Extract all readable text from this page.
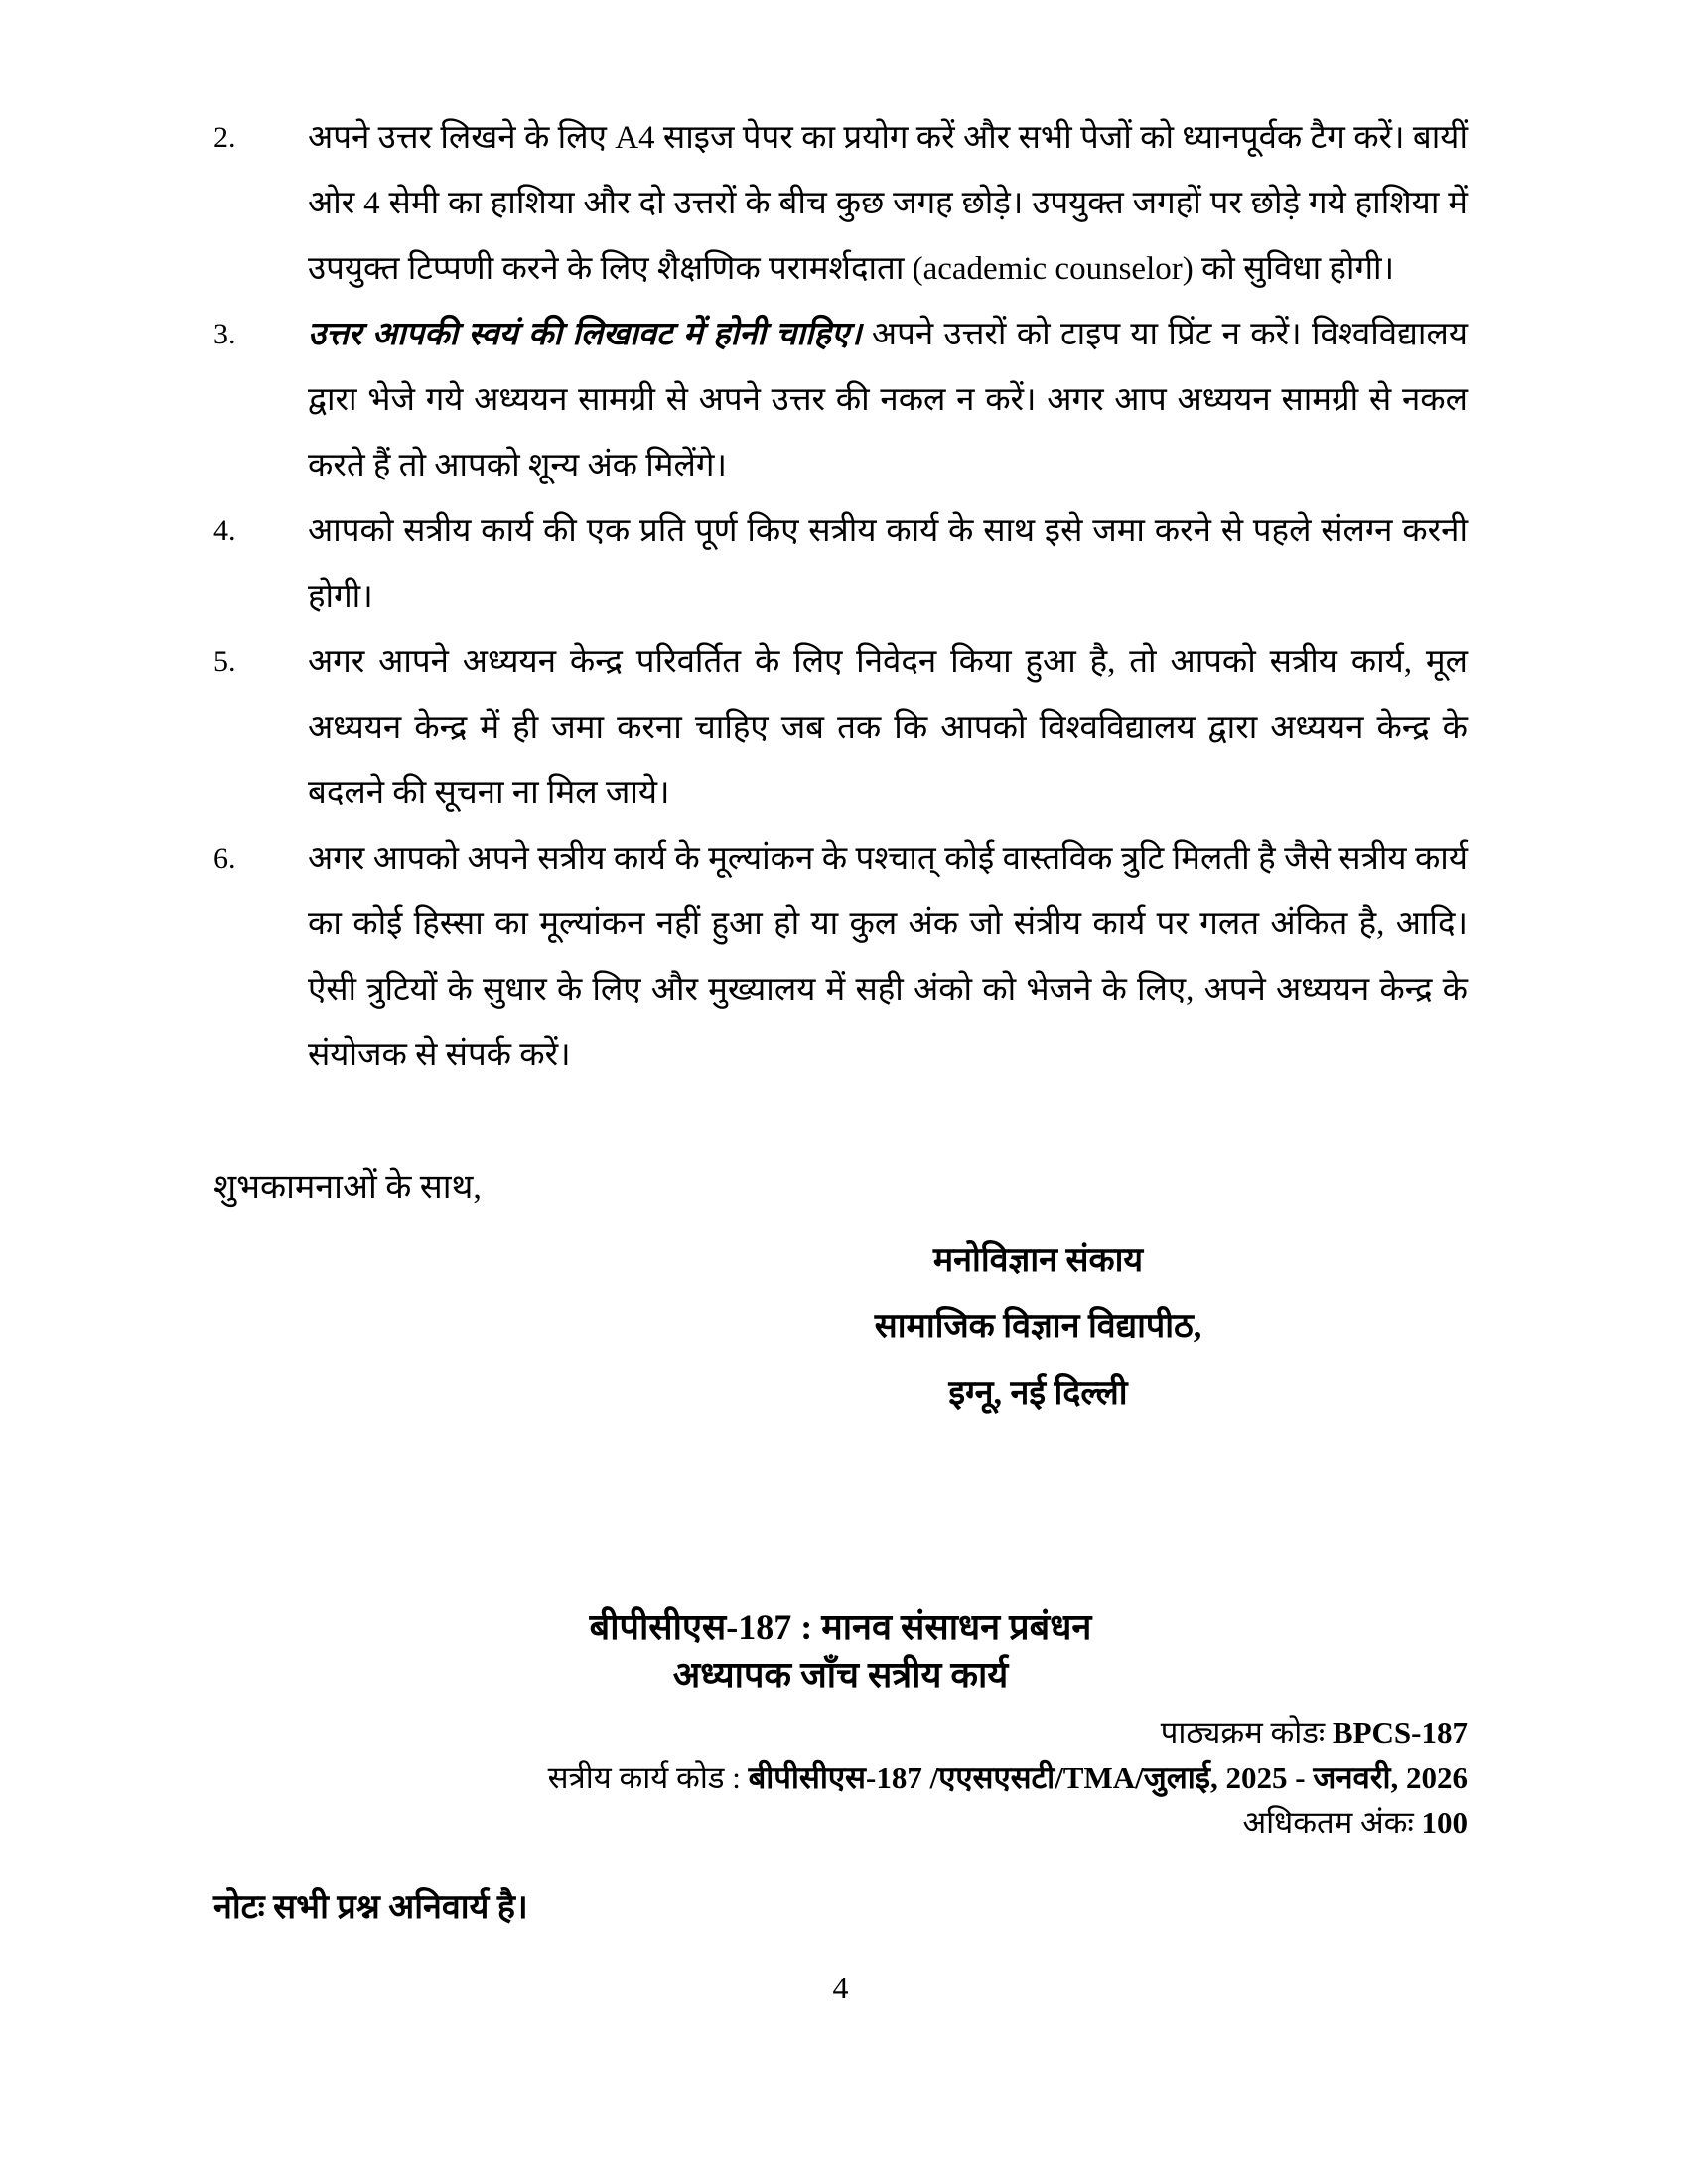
2.	अपने उत्तर लिखने के लिए A4 साइज पेपर का प्रयोग करें और सभी पेजों को ध्यानपूर्वक टैग करें। बायीं ओर 4 सेमी का हाशिया और दो उत्तरों के बीच कुछ जगह छोड़े। उपयुक्त जगहों पर छोड़े गये हाशिया में उपयुक्त टिप्पणी करने के लिए शैक्षणिक परामर्शदाता (academic counselor) को सुविधा होगी।

3.	उत्तर आपकी स्वयं की लिखावट में होनी चाहिए। अपने उत्तरों को टाइप या प्रिंट न करें। विश्वविद्यालय द्वारा भेजे गये अध्ययन सामग्री से अपने उत्तर की नकल न करें। अगर आप अध्ययन सामग्री से नकल करते हैं तो आपको शून्य अंक मिलेंगे।

4.	आपको सत्रीय कार्य की एक प्रति पूर्ण किए सत्रीय कार्य के साथ इसे जमा करने से पहले संलग्न करनी होगी।

5.	अगर आपने अध्ययन केन्द्र परिवर्तित के लिए निवेदन किया हुआ है, तो आपको सत्रीय कार्य, मूल अध्ययन केन्द्र में ही जमा करना चाहिए जब तक कि आपको विश्वविद्यालय द्वारा अध्ययन केन्द्र के बदलने की सूचना ना मिल जाये।

6.	अगर आपको अपने सत्रीय कार्य के मूल्यांकन के पश्चात् कोई वास्तविक त्रुटि मिलती है जैसे सत्रीय कार्य का कोई हिस्सा का मूल्यांकन नहीं हुआ हो या कुल अंक जो संत्रीय कार्य पर गलत अंकित है, आदि। ऐसी त्रुटियों के सुधार के लिए और मुख्यालय में सही अंको को भेजने के लिए, अपने अध्ययन केन्द्र के संयोजक से संपर्क करें।

शुभकामनाओं के साथ,
मनोविज्ञान संकाय
सामाजिक विज्ञान विद्यापीठ,
इग्नू, नई दिल्ली
बीपीसीएस-187 : मानव संसाधन प्रबंधन
अध्यापक जाँच सत्रीय कार्य
पाठ्यक्रम कोडः BPCS-187
सत्रीय कार्य कोड : बीपीसीएस-187 /एएसएसटी/TMA/जुलाई, 2025 - जनवरी, 2026
अधिकतम अंकः 100
नोटः सभी प्रश्न अनिवार्य है।
4
